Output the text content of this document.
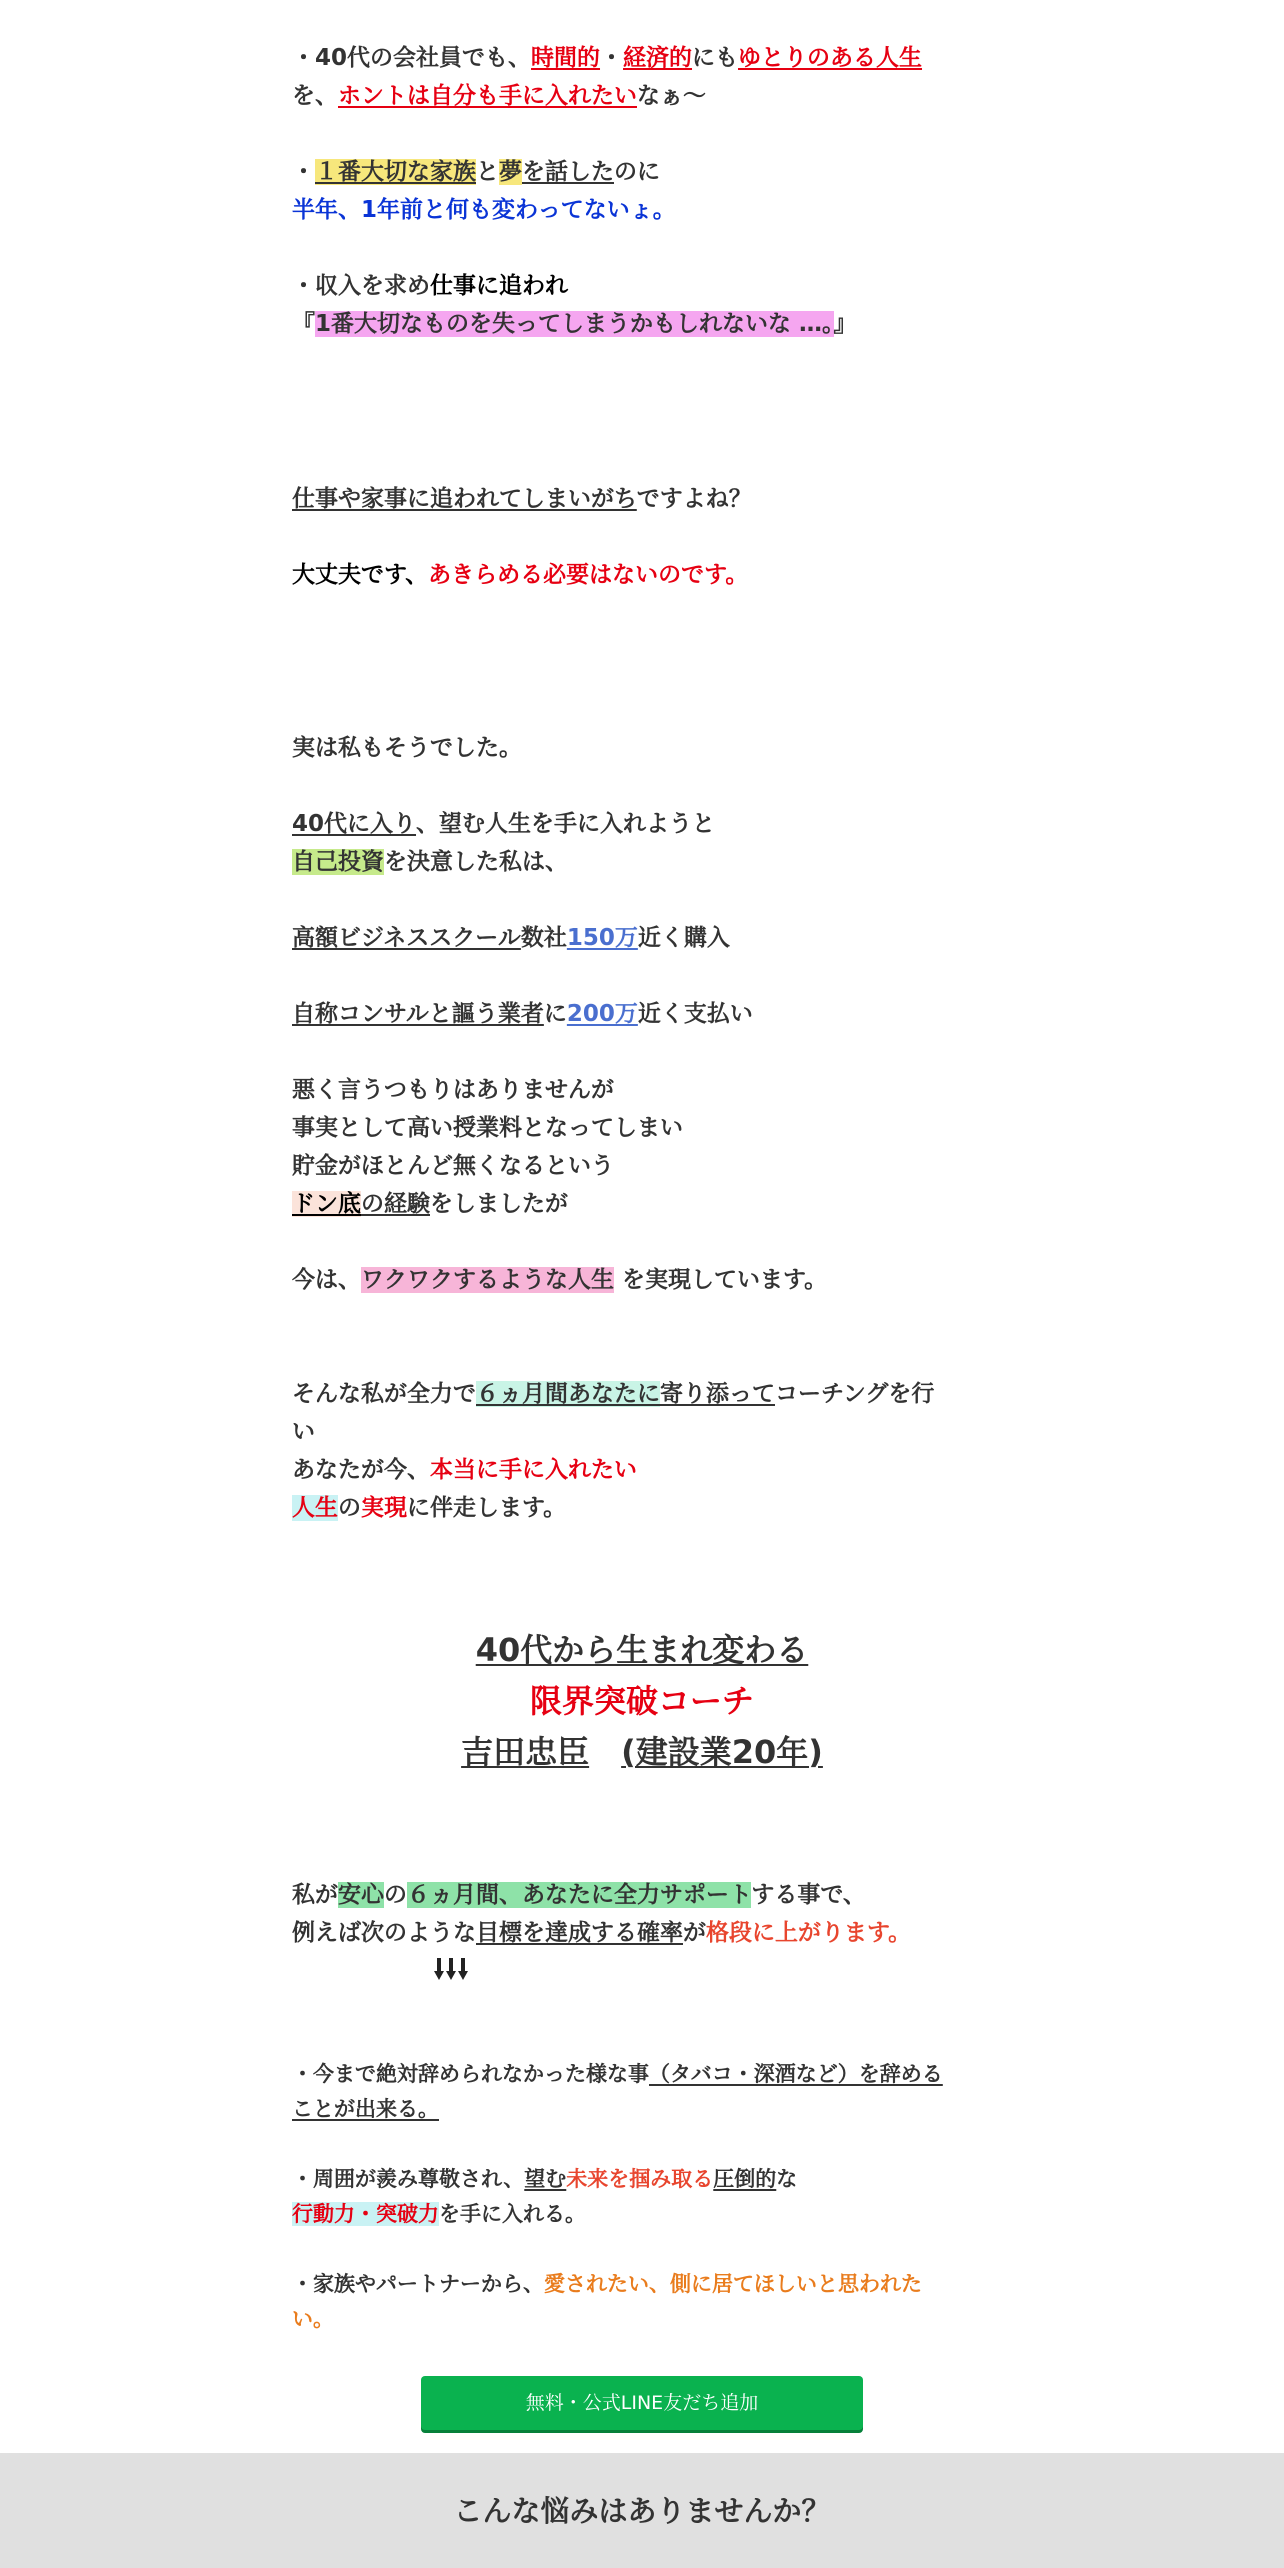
・40代の会社員でも、時間的・経済的にもゆとりのある人生
を、ホントは自分も手に入れたいなぁ～
・１番大切な家族と夢を話したのに
半年、1年前と何も変わってないょ。
・収入を求め仕事に追われ
『1番大切なものを失ってしまうかもしれないな …。』
仕事や家事に追われてしまいがちですよね？
大丈夫です、あきらめる必要はないのです。
実は私もそうでした。
40代に入り、望む人生を手に入れようと
自己投資を決意した私は、
高額ビジネススクール数社150万近く購入
自称コンサルと謳う業者に200万近く支払い
悪く言うつもりはありませんが
事実として高い授業料となってしまい
貯金がほとんど無くなるという
ドン底の経験をしましたが
今は、ワクワクするような人生 を実現しています。
そんな私が全力で６ヵ月間あなたに寄り添ってコーチングを行
い
あなたが今、本当に手に入れたい
人生の実現に伴走します。
40代から生まれ変わる
限界突破コーチ
吉田忠臣 (建設業20年)
私が安心の６ヵ月間、あなたに全力サポートする事で、
例えば次のような目標を達成する確率が格段に上がります。
・今まで絶対辞められなかった様な事（タバコ・深酒など）を辞める
ことが出来る。
・周囲が羨み尊敬され、望む未来を掴み取る圧倒的な
行動力・突破力を手に入れる。
・家族やパートナーから、愛されたい、側に居てほしいと思われた
い。
無料・公式LINE友だち追加
こんな悩みはありませんか？
